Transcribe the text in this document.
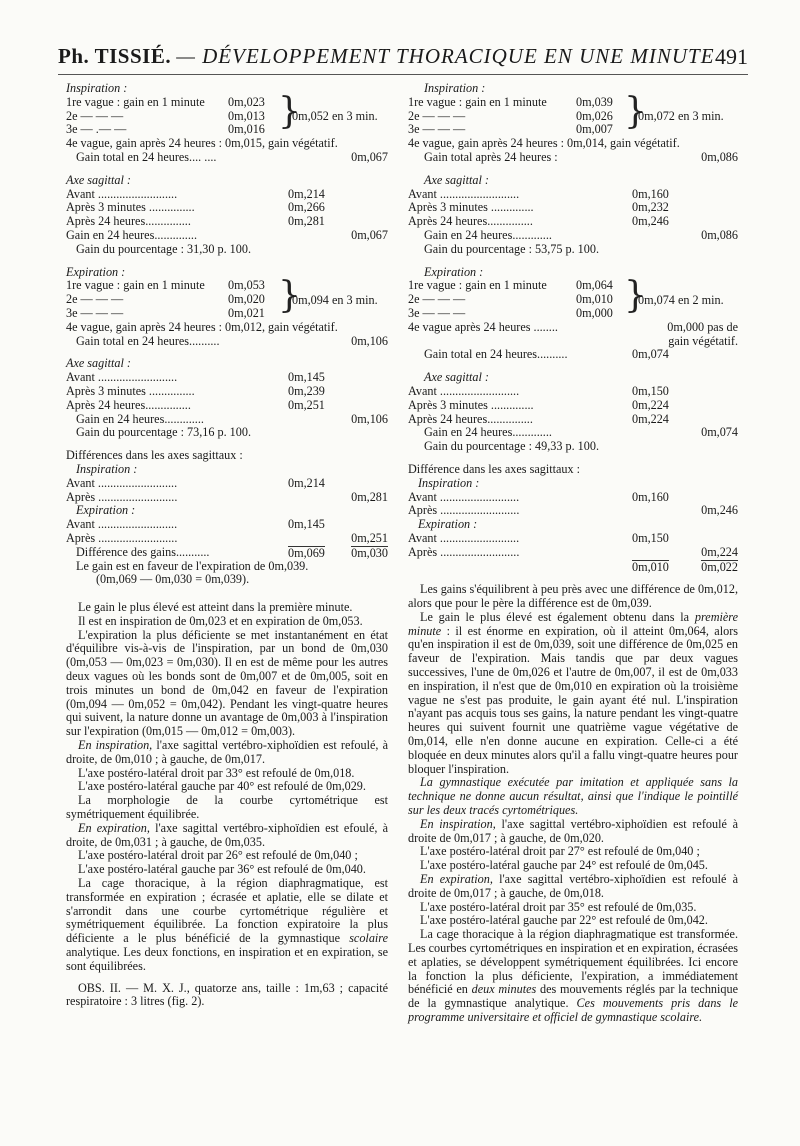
Ph. TISSIÉ. — DÉVELOPPEMENT THORACIQUE EN UNE MINUTE 491
Inspiration :
1re vague : gain en 1 minute 0m,023
2e — — —	0m,013
3e — .— —	0m,016 }
0m,052 en 3 min.
4e vague, gain après 24 heures : 0m,015, gain végétatif.
Gain total en 24 heures.... ....	0m,067
Axe sagittal :
Avant ..........................	0m,214
Après 3 minutes ...............	0m,266
Après 24 heures...............	0m,281
Gain en 24 heures..............	0m,067
Gain du pourcentage : 31,30 p. 100.
Expiration :
1re vague : gain en 1 minute 0m,053
2e — — —	0m,020
3e — — —	0m,021 }
0m,094 en 3 min.
4e vague, gain après 24 heures : 0m,012, gain végétatif.
Gain total en 24 heures..........	0m,106
Axe sagittal :
Avant ..........................	0m,145
Après 3 minutes ...............	0m,239
Après 24 heures...............	0m,251
Gain en 24 heures.............	0m,106
Gain du pourcentage : 73,16 p. 100.
Différences dans les axes sagittaux :
Inspiration :
Avant ..........................	0m,214
Après ..........................	0m,281
Expiration :
Avant ..........................	0m,145
Après ..........................	0m,251
Différence des gains...........	0m,069 0m,030
Le gain est en faveur de l'expiration de 0m,039.
(0m,069 — 0m,030 = 0m,039).

Le gain le plus élevé est atteint dans la première minute.

Il est en inspiration de 0m,023 et en expiration de 0m,053.

L'expiration la plus déficiente se met instantanément en état d'équilibre vis-à-vis de l'inspiration, par un bond de 0m,030 (0m,053 — 0m,023 = 0m,030). Il en est de même pour les autres deux vagues où les bonds sont de 0m,007 et de 0m,005, soit en trois minutes un bond de 0m,042 en faveur de l'expiration (0m,094 — 0m,052 = 0m,042). Pendant les vingt-quatre heures qui suivent, la nature donne un avantage de 0m,003 à l'inspiration sur l'expiration (0m,015 — 0m,012 = 0m,003).

En inspiration, l'axe sagittal vertébro-xiphoïdien est refoulé, à droite, de 0m,010 ; à gauche, de 0m,017.

L'axe postéro-latéral droit par 33° est refoulé de 0m,018.

L'axe postéro-latéral gauche par 40° est refoulé de 0m,029.

La morphologie de la courbe cyrtométrique est symétriquement équilibrée.

En expiration, l'axe sagittal vertébro-xiphoïdien est efoulé, à droite, de 0m,031 ; à gauche, de 0m,035.

L'axe postéro-latéral droit par 26° est refoulé de 0m,040 ;

L'axe postéro-latéral gauche par 36° est refoulé de 0m,040.

La cage thoracique, à la région diaphragmatique, est transformée en expiration ; écrasée et aplatie, elle se dilate et s'arrondit dans une courbe cyrtométrique régulière et symétriquement équilibrée. La fonction expiratoire la plus déficiente a le plus bénéficié de la gymnastique scolaire analytique. Les deux fonctions, en inspiration et en expiration, se sont équilibrées.

OBS. II. — M. X. J., quatorze ans, taille : 1m,63 ; capacité respiratoire : 3 litres (fig. 2).

Inspiration :
1re vague : gain en 1 minute 0m,039
2e — — —	0m,026
3e — — —	0m,007 }
0m,072 en 3 min.
4e vague, gain après 24 heures : 0m,014, gain végétatif.
Gain total après 24 heures :	0m,086
Axe sagittal :
Avant ..........................	0m,160
Après 3 minutes ..............	0m,232
Après 24 heures...............	0m,246
Gain en 24 heures.............	0m,086
Gain du pourcentage : 53,75 p. 100.
Expiration :
1re vague : gain en 1 minute 0m,064
2e — — —	0m,010
3e — — —	0m,000 }
0m,074 en 2 min.
4e vague après 24 heures ........	0m,000 pas de
gain végétatif.
Gain total en 24 heures..........	0m,074
Axe sagittal :
Avant ..........................	0m,150
Après 3 minutes ..............	0m,224
Après 24 heures...............	0m,224
Gain en 24 heures.............	0m,074
Gain du pourcentage : 49,33 p. 100.
Différence dans les axes sagittaux :
Inspiration :
Avant ..........................	0m,160
Après ..........................	0m,246
Expiration :
Avant ..........................	0m,150
Après ..........................	0m,224
0m,010	0m,022

Les gains s'équilibrent à peu près avec une différence de 0m,012, alors que pour le père la différence est de 0m,039.

Le gain le plus élevé est également obtenu dans la première minute : il est énorme en expiration, où il atteint 0m,064, alors qu'en inspiration il est de 0m,039, soit une différence de 0m,025 en faveur de l'expiration. Mais tandis que par deux vagues successives, l'une de 0m,026 et l'autre de 0m,007, il est de 0m,033 en inspiration, il n'est que de 0m,010 en expiration où la troisième vague ne s'est pas produite, le gain ayant été nul. L'inspiration n'ayant pas acquis tous ses gains, la nature pendant les vingt-quatre heures qui suivent fournit une quatrième vague végétative de 0m,014, elle n'en donne aucune en expiration. Celle-ci a été bloquée en deux minutes alors qu'il a fallu vingt-quatre heures pour bloquer l'inspiration.

La gymnastique exécutée par imitation et appliquée sans la technique ne donne aucun résultat, ainsi que l'indique le pointillé sur les deux tracés cyrtométriques.

En inspiration, l'axe sagittal vertébro-xiphoïdien est refoulé à droite de 0m,017 ; à gauche, de 0m,020.

L'axe postéro-latéral droit par 27° est refoulé de 0m,040 ;

L'axe postéro-latéral gauche par 24° est refoulé de 0m,045.

En expiration, l'axe sagittal vertébro-xiphoïdien est refoulé à droite de 0m,017 ; à gauche, de 0m,018.

L'axe postéro-latéral droit par 35° est refoulé de 0m,035.

L'axe postéro-latéral gauche par 22° est refoulé de 0m,042.

La cage thoracique à la région diaphragmatique est transformée. Les courbes cyrtométriques en inspiration et en expiration, écrasées et aplaties, se développent symétriquement équilibrées. Ici encore la fonction la plus déficiente, l'expiration, a immédiatement bénéficié en deux minutes des mouvements réglés par la technique de la gymnastique analytique. Ces mouvements pris dans le programme universitaire et officiel de gymnastique scolaire.
